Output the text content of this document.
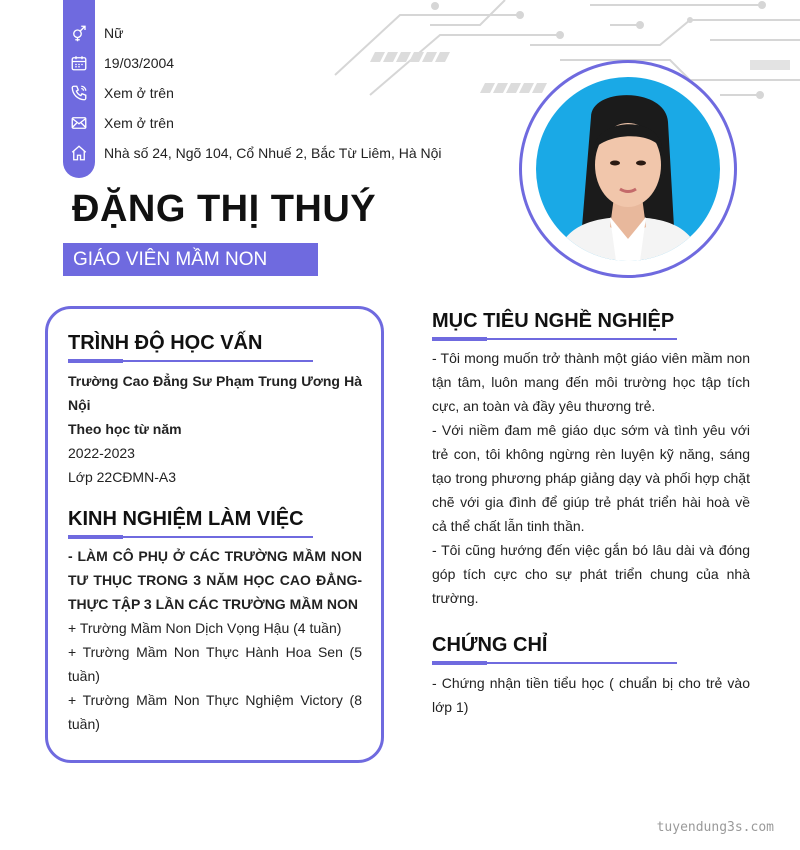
Nữ
19/03/2004
Xem ở trên
Xem ở trên
Nhà số 24, Ngõ 104, Cổ Nhuế 2, Bắc Từ Liêm, Hà Nội
ĐẶNG THỊ THUÝ
GIÁO VIÊN MẦM NON
TRÌNH ĐỘ HỌC VẤN
Trường Cao Đẳng Sư Phạm Trung Ương Hà Nội
Theo học từ năm
2022-2023
Lớp 22CĐMN-A3
KINH NGHIỆM LÀM VIỆC
- LÀM CÔ PHỤ Ở CÁC TRƯỜNG MẦM NON TƯ THỤC TRONG 3 NĂM HỌC CAO ĐẲNG- THỰC TẬP 3 LẦN CÁC TRƯỜNG MẦM NON
+ Trường Mầm Non Dịch Vọng Hậu (4 tuần)
+ Trường Mầm Non Thực Hành Hoa Sen (5 tuần)
+ Trường Mầm Non Thực Nghiệm Victory (8 tuần)
MỤC TIÊU NGHỀ NGHIỆP
- Tôi mong muốn trở thành một giáo viên mầm non tận tâm, luôn mang đến môi trường học tập tích cực, an toàn và đầy yêu thương trẻ.
- Với niềm đam mê giáo dục sớm và tình yêu với trẻ con, tôi không ngừng rèn luyện kỹ năng, sáng tạo trong phương pháp giảng dạy và phối hợp chặt chẽ với gia đình để giúp trẻ phát triển hài hoà về cả thể chất lẫn tinh thần.
- Tôi cũng hướng đến việc gắn bó lâu dài và đóng góp tích cực cho sự phát triển chung của nhà trường.
CHỨNG CHỈ
- Chứng nhận tiền tiểu học ( chuẩn bị cho trẻ vào lớp 1)
tuyendung3s.com
